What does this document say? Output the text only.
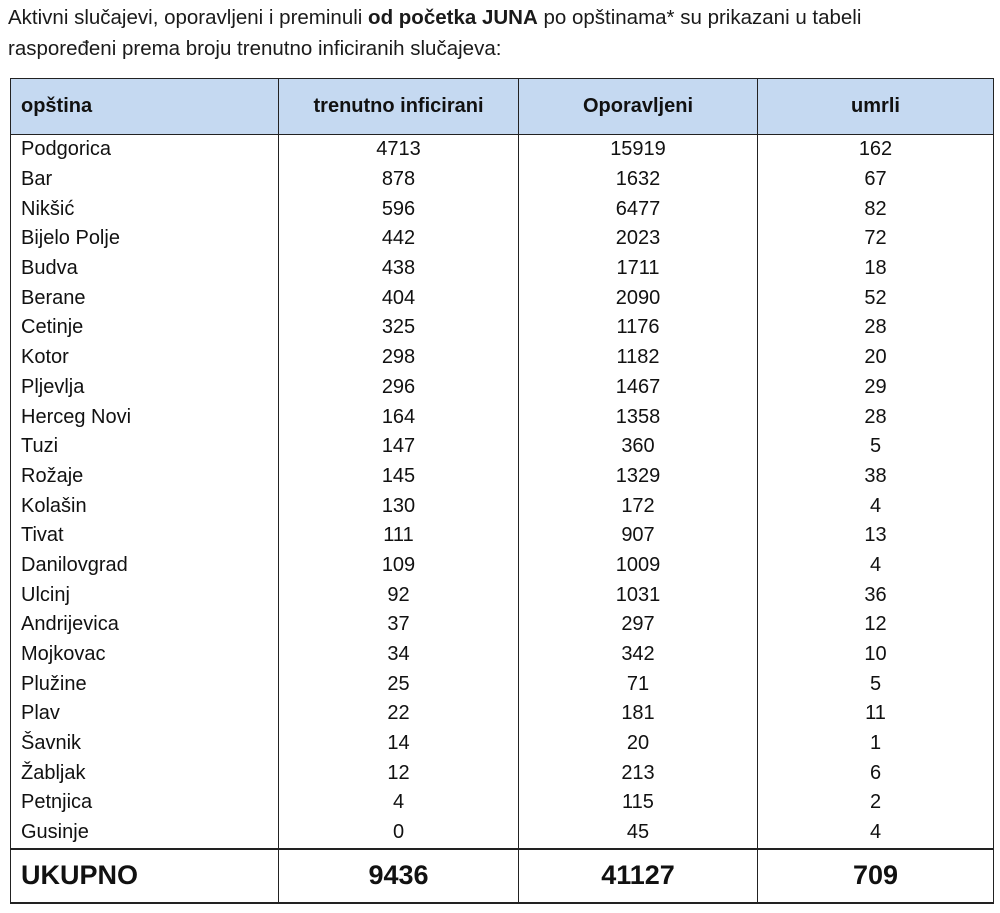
Aktivni slučajevi, oporavljeni i preminuli od početka JUNA po opštinama* su prikazani u tabeli
raspoređeni prema broju trenutno inficiranih slučajeva:
opština	trenutno inficirani	Oporavljeni	umrli
Podgorica	4713	15919	162
Bar	878	1632	67
Nikšić	596	6477	82
Bijelo Polje	442	2023	72
Budva	438	1711	18
Berane	404	2090	52
Cetinje	325	1176	28
Kotor	298	1182	20
Pljevlja	296	1467	29
Herceg Novi	164	1358	28
Tuzi	147	360	5
Rožaje	145	1329	38
Kolašin	130	172	4
Tivat	111	907	13
Danilovgrad	109	1009	4
Ulcinj	92	1031	36
Andrijevica	37	297	12
Mojkovac	34	342	10
Plužine	25	71	5
Plav	22	181	11
Šavnik	14	20	1
Žabljak	12	213	6
Petnjica	4	115	2
Gusinje	0	45	4
UKUPNO	9436	41127	709
